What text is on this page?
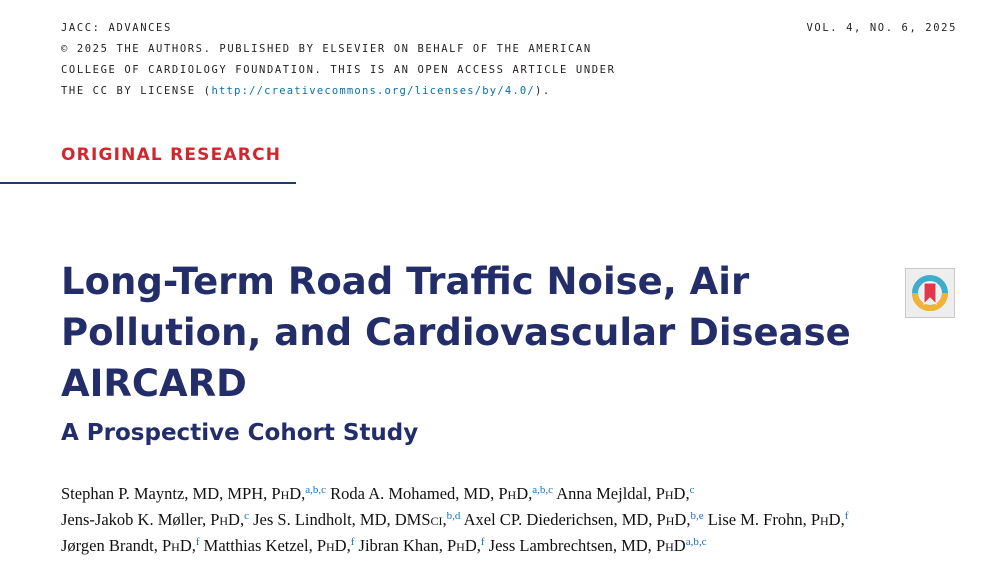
JACC: ADVANCES
© 2025 THE AUTHORS. PUBLISHED BY ELSEVIER ON BEHALF OF THE AMERICAN
COLLEGE OF CARDIOLOGY FOUNDATION. THIS IS AN OPEN ACCESS ARTICLE UNDER
THE CC BY LICENSE (http://creativecommons.org/licenses/by/4.0/).
VOL. 4, NO. 6, 2025
ORIGINAL RESEARCH
Long-Term Road Traffic Noise, Air
Pollution, and Cardiovascular Disease
AIRCARD
A Prospective Cohort Study
Stephan P. Mayntz, MD, MPH, PhD,$^{a,b,c}$ Roda A. Mohamed, MD, PhD,$^{a,b,c}$ Anna Mejldal, PhD,$^c$
Jens-Jakob K. Møller, PhD,$^c$ Jes S. Lindholt, MD, DMSci,$^{b,d}$ Axel CP. Diederichsen, MD, PhD,$^{b,e}$ Lise M. Frohn, PhD,$^f$
Jørgen Brandt, PhD,$^f$ Matthias Ketzel, PhD,$^f$ Jibran Khan, PhD,$^f$ Jess Lambrechtsen, MD, PhD$^{a,b,c}$
